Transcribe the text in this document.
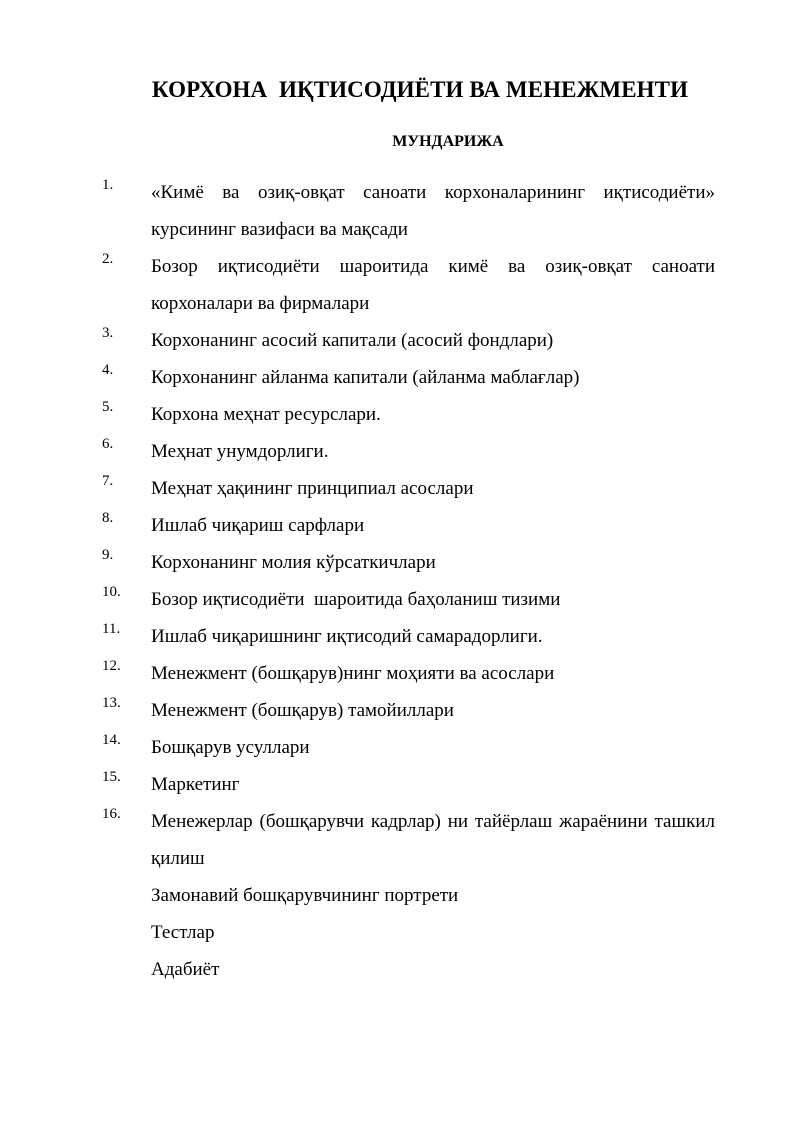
КОРХОНА  ИҚТИСОДИЁТИ ВА МЕНЕЖМЕНТИ
МУНДАРИЖА
1. «Кимё ва озиқ-овқат саноати корхоналарининг иқтисодиёти» курсининг вазифаси ва мақсади
2. Бозор иқтисодиёти шароитида кимё ва озиқ-овқат саноати корхоналари ва фирмалари
3. Корхонанинг асосий капитали (асосий фондлари)
4. Корхонанинг айланма капитали (айланма маблағлар)
5. Корхона меҳнат ресурслари.
6. Меҳнат унумдорлиги.
7. Меҳнат ҳақининг принципиал асослари
8. Ишлаб чиқариш сарфлари
9. Корхонанинг молия кўрсаткичлари
10. Бозор иқтисодиёти  шароитида баҳоланиш тизими
11. Ишлаб чиқаришнинг иқтисодий самарадорлиги.
12. Менежмент (бошқарув)нинг моҳияти ва асослари
13. Менежмент (бошқарув) тамойиллари
14. Бошқарув усуллари
15. Маркетинг
16. Менежерлар (бошқарувчи кадрлар) ни тайёрлаш жараёнини ташкил қилиш
Замонавий бошқарувчининг портрети
Тестлар
Адабиёт
